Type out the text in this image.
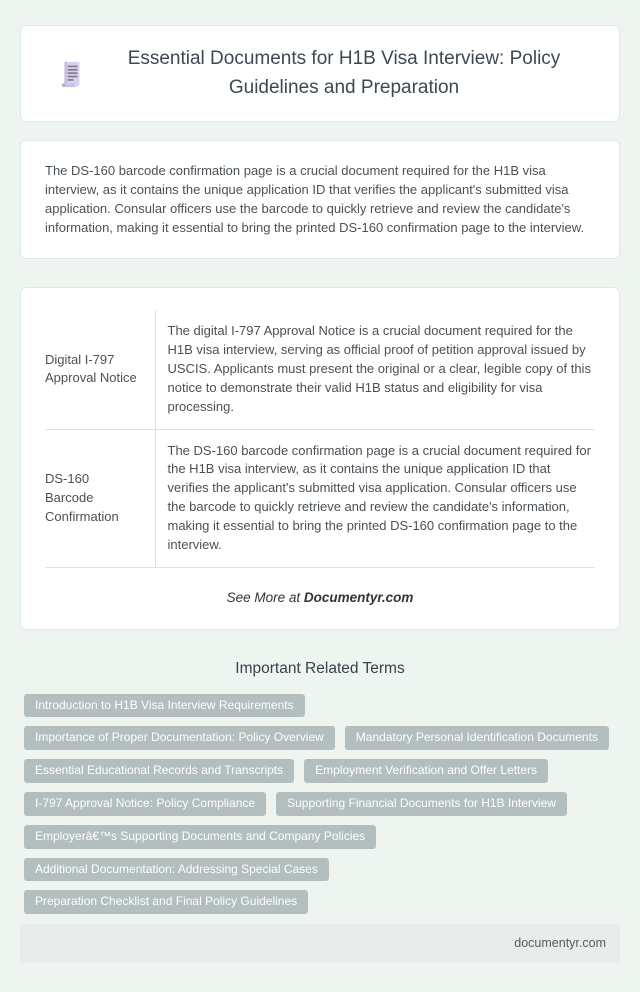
Essential Documents for H1B Visa Interview: Policy Guidelines and Preparation

The DS-160 barcode confirmation page is a crucial document required for the H1B visa interview, as it contains the unique application ID that verifies the applicant's submitted visa application. Consular officers use the barcode to quickly retrieve and review the candidate's information, making it essential to bring the printed DS-160 confirmation page to the interview.

Digital I-797 Approval Notice	The digital I-797 Approval Notice is a crucial document required for the H1B visa interview, serving as official proof of petition approval issued by USCIS. Applicants must present the original or a clear, legible copy of this notice to demonstrate their valid H1B status and eligibility for visa processing.
DS-160 Barcode Confirmation	The DS-160 barcode confirmation page is a crucial document required for the H1B visa interview, as it contains the unique application ID that verifies the applicant's submitted visa application. Consular officers use the barcode to quickly retrieve and review the candidate's information, making it essential to bring the printed DS-160 confirmation page to the interview.

See More at Documentyr.com

Important Related Terms
Introduction to H1B Visa Interview Requirements
Importance of Proper Documentation: Policy Overview	Mandatory Personal Identification Documents
Essential Educational Records and Transcripts	Employment Verification and Offer Letters
I-797 Approval Notice: Policy Compliance	Supporting Financial Documents for H1B Interview
Employerâ€™s Supporting Documents and Company Policies
Additional Documentation: Addressing Special Cases
Preparation Checklist and Final Policy Guidelines
documentyr.com
